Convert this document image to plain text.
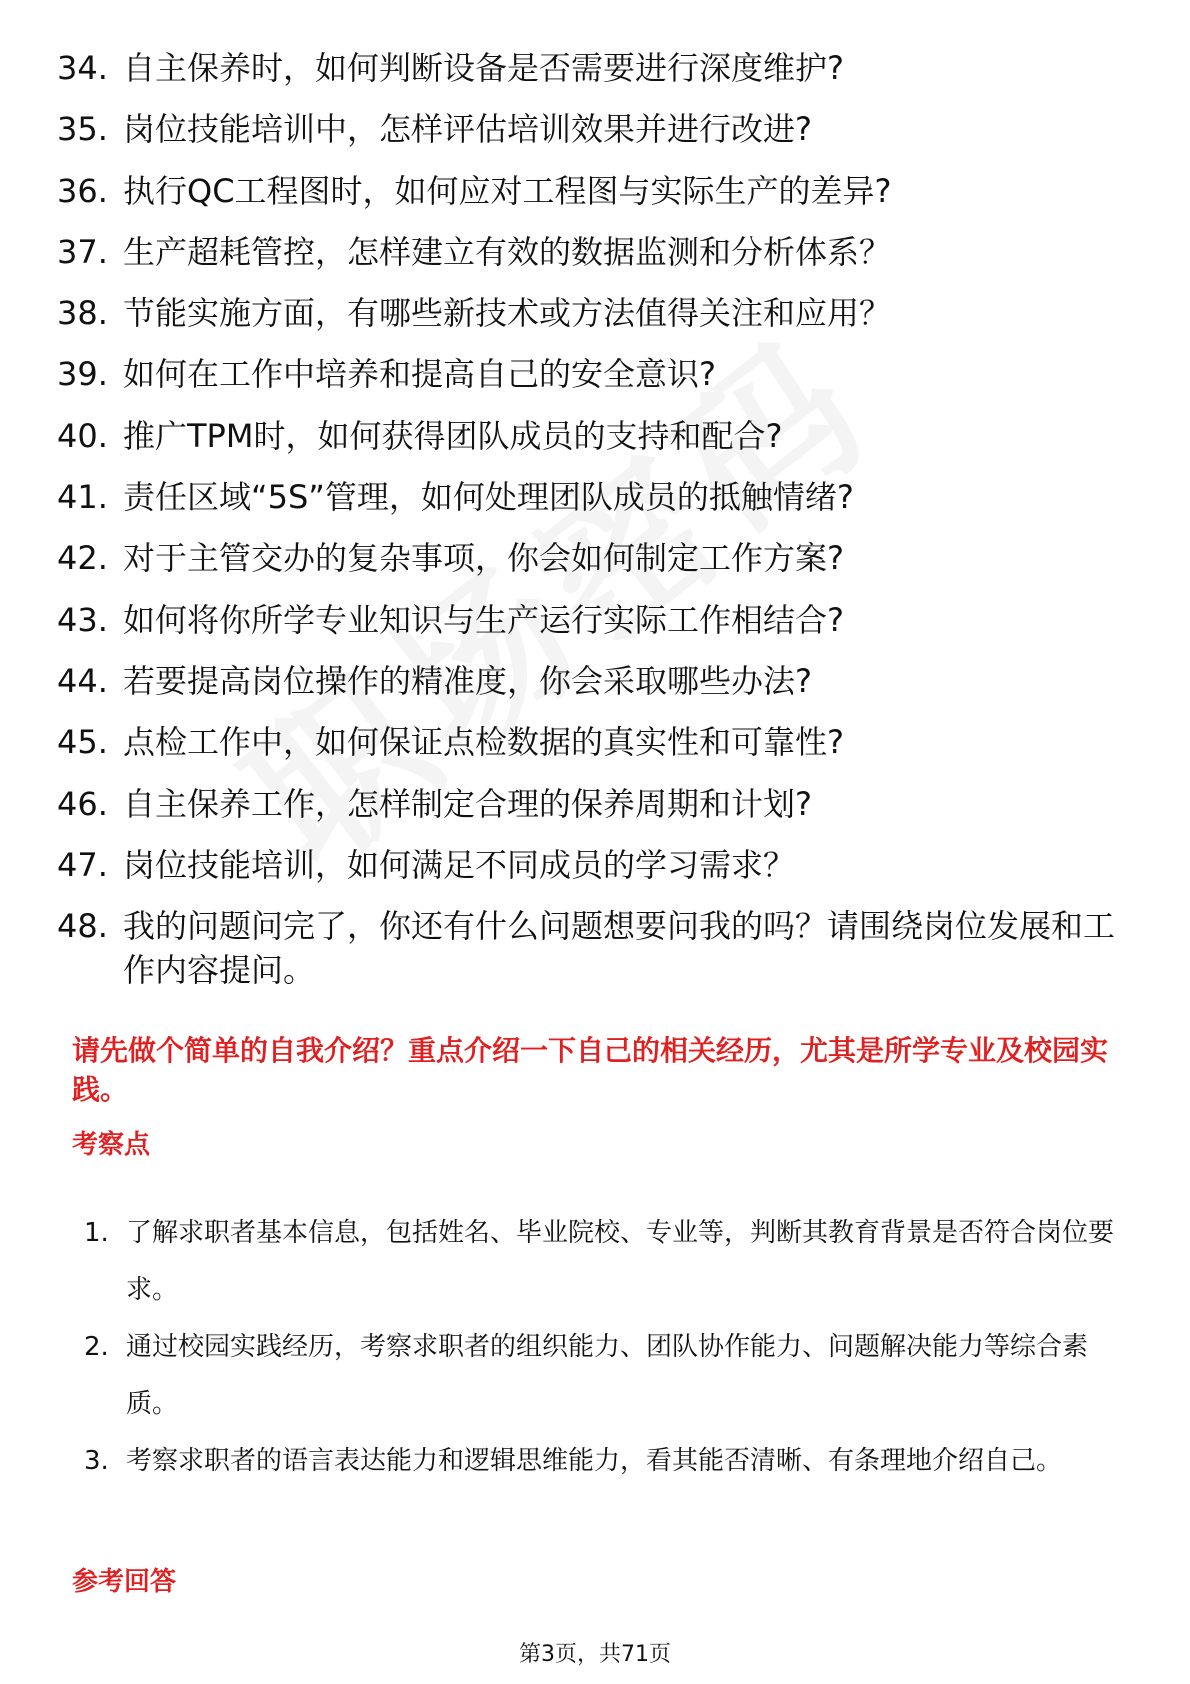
34. 自主保养时，如何判断设备是否需要进行深度维护?
35. 岗位技能培训中，怎样评估培训效果并进行改进?
36. 执行QC工程图时，如何应对工程图与实际生产的差异?
37. 生产超耗管控，怎样建立有效的数据监测和分析体系？
38. 节能实施方面，有哪些新技术或方法值得关注和应用？
39. 如何在工作中培养和提高自己的安全意识?
40. 推广TPM时，如何获得团队成员的支持和配合?
41. 责任区域“5S”管理，如何处理团队成员的抵触情绪?
42. 对于主管交办的复杂事项，你会如何制定工作方案?
43. 如何将你所学专业知识与生产运行实际工作相结合?
44. 若要提高岗位操作的精准度，你会采取哪些办法?
45. 点检工作中，如何保证点检数据的真实性和可靠性?
46. 自主保养工作，怎样制定合理的保养周期和计划?
47. 岗位技能培训，如何满足不同成员的学习需求？
48. 我的问题问完了，你还有什么问题想要问我的吗？请围绕岗位发展和工作内容提问。
请先做个简单的自我介绍？重点介绍一下自己的相关经历，尤其是所学专业及校园实践。
考察点
1. 了解求职者基本信息，包括姓名、毕业院校、专业等，判断其教育背景是否符合岗位要求。
2. 通过校园实践经历，考察求职者的组织能力、团队协作能力、问题解决能力等综合素质。
3. 考察求职者的语言表达能力和逻辑思维能力，看其能否清晰、有条理地介绍自己。
参考回答
第3页，共71页
